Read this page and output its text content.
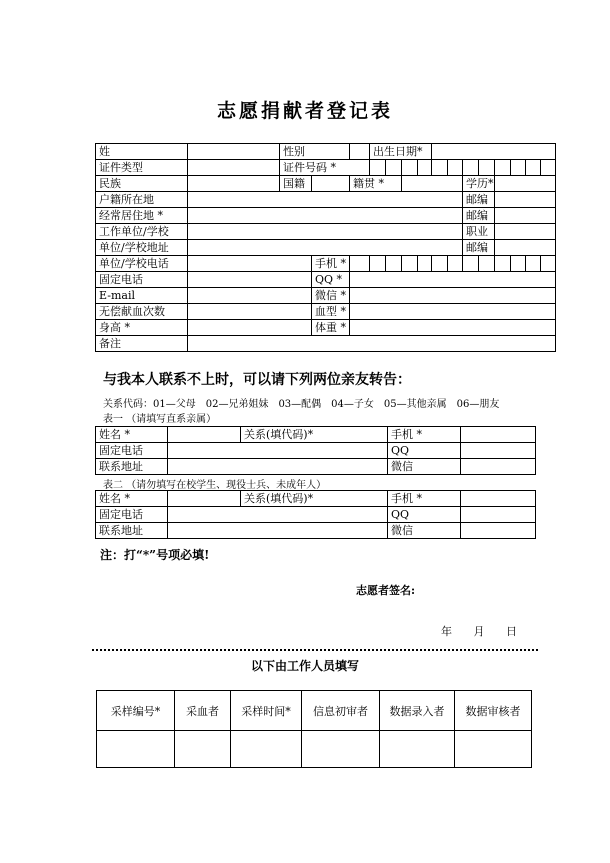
志愿捐献者登记表
姓		性别			出生日期*											
证件类型		证件号码 *														
民族		国籍		籍贯 *							学历*					
户籍所在地											邮编					
经常居住地 *											邮编					
工作单位/学校											职业					
单位/学校地址											邮编					
单位/学校电话			手机 *													
固定电话			QQ *													
E-mail			微信 *													
无偿献血次数			血型 *													
身高 *			体重 *													
备注																
与我本人联系不上时，可以请下列两位亲友转告：
关系代码：01—父母　02—兄弟姐妹　03—配偶　04—子女　05—其他亲属　06—朋友
表一 （请填写直系亲属）
姓名 *		关系(填代码)*	手机 *	
固定电话			QQ	
联系地址			微信	
表二 （请勿填写在校学生、现役士兵、未成年人）
姓名 *		关系(填代码)*	手机 *	
固定电话			QQ	
联系地址			微信	
注：打“*”号项必填!
志愿者签名:
年 月 日
以下由工作人员填写
采样编号*	采血者	采样时间*	信息初审者	数据录入者	数据审核者
